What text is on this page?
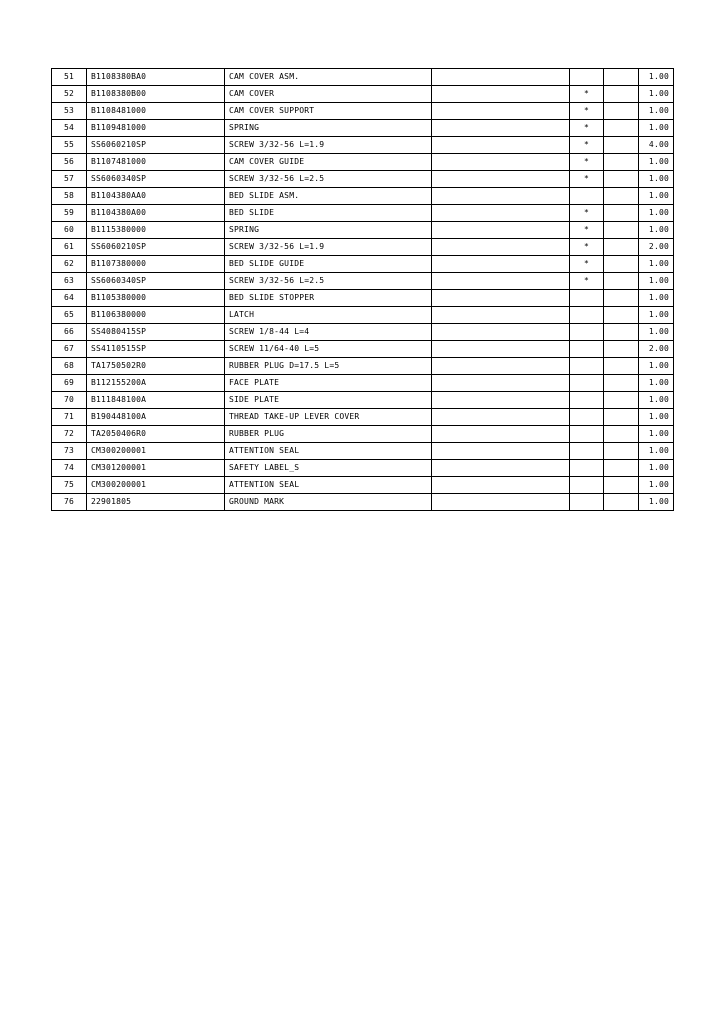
51	B1108380BA0	CAM COVER ASM.				1.00
52	B1108380B00	CAM COVER		*		1.00
53	B1108481000	CAM COVER SUPPORT		*		1.00
54	B1109481000	SPRING		*		1.00
55	SS6060210SP	SCREW 3/32-56 L=1.9		*		4.00
56	B1107481000	CAM COVER GUIDE		*		1.00
57	SS6060340SP	SCREW 3/32-56 L=2.5		*		1.00
58	B1104380AA0	BED SLIDE ASM.				1.00
59	B1104380A00	BED SLIDE		*		1.00
60	B1115380000	SPRING		*		1.00
61	SS6060210SP	SCREW 3/32-56 L=1.9		*		2.00
62	B1107380000	BED SLIDE GUIDE		*		1.00
63	SS6060340SP	SCREW 3/32-56 L=2.5		*		1.00
64	B1105380000	BED SLIDE STOPPER				1.00
65	B1106380000	LATCH				1.00
66	SS4080415SP	SCREW 1/8-44 L=4				1.00
67	SS4110515SP	SCREW 11/64-40 L=5				2.00
68	TA1750502R0	RUBBER PLUG D=17.5 L=5				1.00
69	B112155200A	FACE PLATE				1.00
70	B111848100A	SIDE PLATE				1.00
71	B190448100A	THREAD TAKE-UP LEVER COVER				1.00
72	TA2050406R0	RUBBER PLUG				1.00
73	CM300200001	ATTENTION SEAL				1.00
74	CM301200001	SAFETY LABEL_S				1.00
75	CM300200001	ATTENTION SEAL				1.00
76	22901805	GROUND MARK				1.00
